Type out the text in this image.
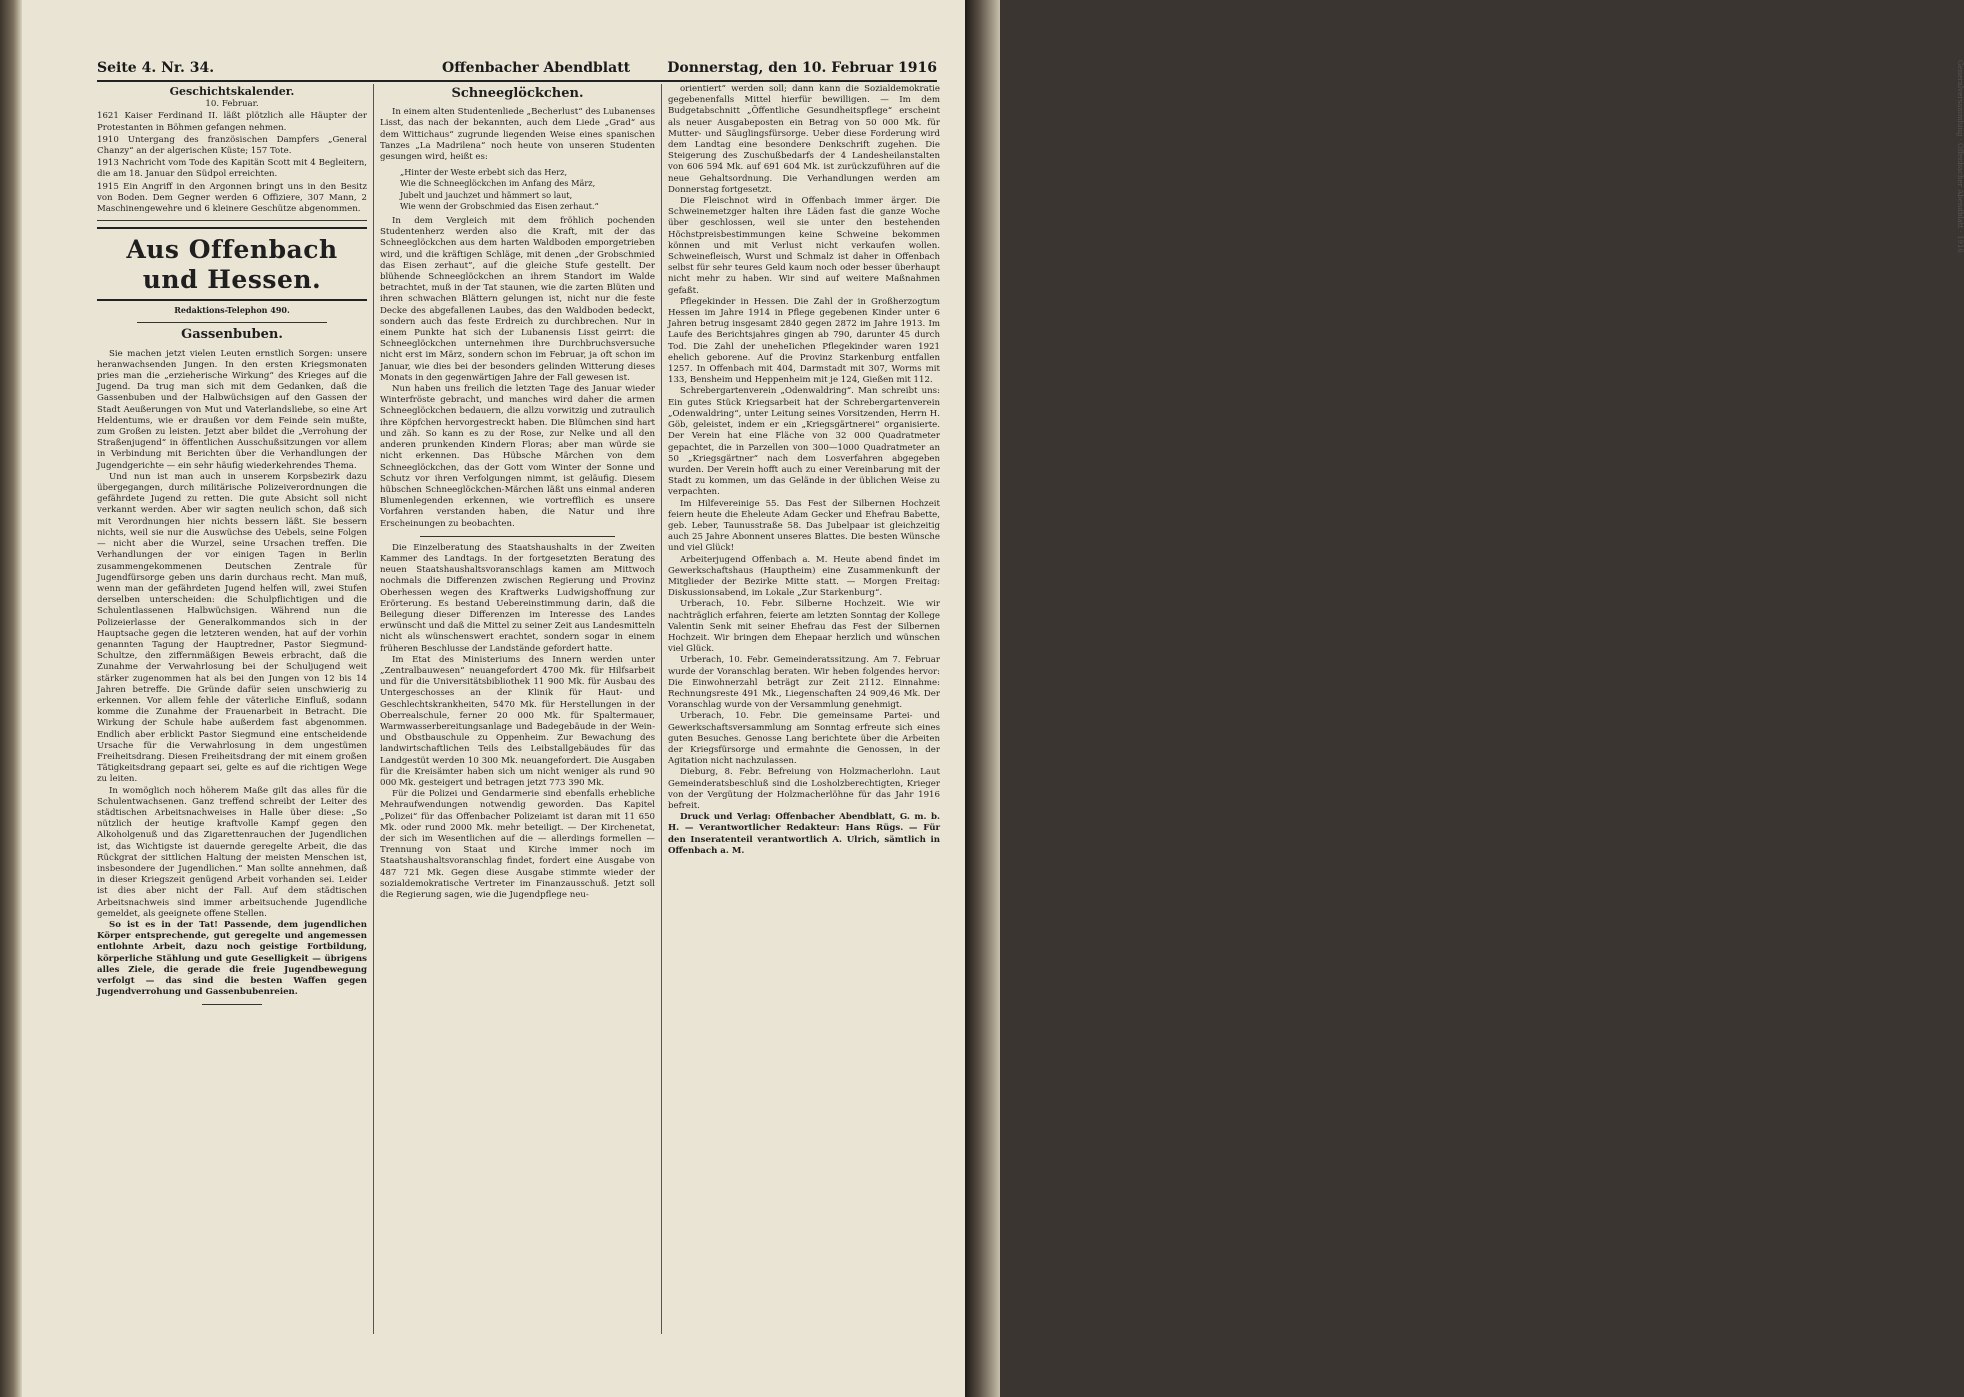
Seite 4. Nr. 34.	Offenbacher Abendblatt	Donnerstag, den 10. Februar 1916
Geschichtskalender.

10. Februar.

1621 Kaiser Ferdinand II. läßt plötzlich alle Häupter der Protestanten in Böhmen gefangen nehmen.

1910 Untergang des französischen Dampfers „General Chanzy“ an der algerischen Küste; 157 Tote.

1913 Nachricht vom Tode des Kapitän Scott mit 4 Begleitern, die am 18. Januar den Südpol erreichten.

1915 Ein Angriff in den Argonnen bringt uns in den Besitz von Boden. Dem Gegner werden 6 Offiziere, 307 Mann, 2 Maschinengewehre und 6 kleinere Geschütze abgenommen.

Aus Offenbach und Hessen.
Redaktions-Telephon 490.
Gassenbuben.

Sie machen jetzt vielen Leuten ernstlich Sorgen: unsere heranwachsenden Jungen. In den ersten Kriegsmonaten pries man die „erzieherische Wirkung“ des Krieges auf die Jugend. Da trug man sich mit dem Gedanken, daß die Gassenbuben und der Halbwüchsigen auf den Gassen der Stadt Aeußerungen von Mut und Vaterlandsliebe, so eine Art Heldentums, wie er draußen vor dem Feinde sein mußte, zum Großen zu leisten. Jetzt aber bildet die „Verrohung der Straßenjugend“ in öffentlichen Ausschußsitzungen vor allem in Verbindung mit Berichten über die Verhandlungen der Jugendgerichte — ein sehr häufig wiederkehrendes Thema.

Und nun ist man auch in unserem Korpsbezirk dazu übergegangen, durch militärische Polizeiverordnungen die gefährdete Jugend zu retten. Die gute Absicht soll nicht verkannt werden. Aber wir sagten neulich schon, daß sich mit Verordnungen hier nichts bessern läßt. Sie bessern nichts, weil sie nur die Auswüchse des Uebels, seine Folgen — nicht aber die Wurzel, seine Ursachen treffen. Die Verhandlungen der vor einigen Tagen in Berlin zusammengekommenen Deutschen Zentrale für Jugendfürsorge geben uns darin durchaus recht. Man muß, wenn man der gefährdeten Jugend helfen will, zwei Stufen derselben unterscheiden: die Schulpflichtigen und die Schulentlassenen Halbwüchsigen. Während nun die Polizeierlasse der Generalkommandos sich in der Hauptsache gegen die letzteren wenden, hat auf der vorhin genannten Tagung der Hauptredner, Pastor Siegmund-Schultze, den ziffernmäßigen Beweis erbracht, daß die Zunahme der Verwahrlosung bei der Schuljugend weit stärker zugenommen hat als bei den Jungen von 12 bis 14 Jahren betreffe. Die Gründe dafür seien unschwierig zu erkennen. Vor allem fehle der väterliche Einfluß, sodann komme die Zunahme der Frauenarbeit in Betracht. Die Wirkung der Schule habe außerdem fast abgenommen. Endlich aber erblickt Pastor Siegmund eine entscheidende Ursache für die Verwahrlosung in dem ungestümen Freiheitsdrang. Diesen Freiheitsdrang der mit einem großen Tätigkeitsdrang gepaart sei, gelte es auf die richtigen Wege zu leiten.

In womöglich noch höherem Maße gilt das alles für die Schulentwachsenen. Ganz treffend schreibt der Leiter des städtischen Arbeitsnachweises in Halle über diese: „So nützlich der heutige kraftvolle Kampf gegen den Alkoholgenuß und das Zigarettenrauchen der Jugendlichen ist, das Wichtigste ist dauernde geregelte Arbeit, die das Rückgrat der sittlichen Haltung der meisten Menschen ist, insbesondere der Jugendlichen.“ Man sollte annehmen, daß in dieser Kriegszeit genügend Arbeit vorhanden sei. Leider ist dies aber nicht der Fall. Auf dem städtischen Arbeitsnachweis sind immer arbeitsuchende Jugendliche gemeldet, als geeignete offene Stellen.

So ist es in der Tat! Passende, dem jugendlichen Körper entsprechende, gut geregelte und angemessen entlohnte Arbeit, dazu noch geistige Fortbildung, körperliche Stählung und gute Geselligkeit — übrigens alles Ziele, die gerade die freie Jugendbewegung verfolgt — das sind die besten Waffen gegen Jugendverrohung und Gassenbubenreien.

Schneeglöckchen.

In einem alten Studentenliede „Becherlust“ des Lubanenses Lisst, das nach der bekannten, auch dem Liede „Grad“ aus dem Wittichaus“ zugrunde liegenden Weise eines spanischen Tanzes „La Madrilena“ noch heute von unseren Studenten gesungen wird, heißt es:

„Hinter der Weste erbebt sich das Herz,
Wie die Schneeglöckchen im Anfang des März,
Jubelt und jauchzet und hämmert so laut,
Wie wenn der Grobschmied das Eisen zerhaut.“

In dem Vergleich mit dem fröhlich pochenden Studentenherz werden also die Kraft, mit der das Schneeglöckchen aus dem harten Waldboden emporgetrieben wird, und die kräftigen Schläge, mit denen „der Grobschmied das Eisen zerhaut“, auf die gleiche Stufe gestellt. Der blühende Schneeglöckchen an ihrem Standort im Walde betrachtet, muß in der Tat staunen, wie die zarten Blüten und ihren schwachen Blättern gelungen ist, nicht nur die feste Decke des abgefallenen Laubes, das den Waldboden bedeckt, sondern auch das feste Erdreich zu durchbrechen. Nur in einem Punkte hat sich der Lubanensis Lisst geirrt: die Schneeglöckchen unternehmen ihre Durchbruchsversuche nicht erst im März, sondern schon im Februar, ja oft schon im Januar, wie dies bei der besonders gelinden Witterung dieses Monats in den gegenwärtigen Jahre der Fall gewesen ist.

Nun haben uns freilich die letzten Tage des Januar wieder Winterfröste gebracht, und manches wird daher die armen Schneeglöckchen bedauern, die allzu vorwitzig und zutraulich ihre Köpfchen hervorgestreckt haben. Die Blümchen sind hart und zäh. So kann es zu der Rose, zur Nelke und all den anderen prunkenden Kindern Floras; aber man würde sie nicht erkennen. Das Hübsche Märchen von dem Schneeglöckchen, das der Gott vom Winter der Sonne und Schutz vor ihren Verfolgungen nimmt, ist geläufig. Diesem hübschen Schneeglöckchen-Märchen läßt uns einmal anderen Blumenlegenden erkennen, wie vortrefflich es unsere Vorfahren verstanden haben, die Natur und ihre Erscheinungen zu beobachten.

Die Einzelberatung des Staatshaushalts in der Zweiten Kammer des Landtags. In der fortgesetzten Beratung des neuen Staatshaushaltsvoranschlags kamen am Mittwoch nochmals die Differenzen zwischen Regierung und Provinz Oberhessen wegen des Kraftwerks Ludwigshoffnung zur Erörterung. Es bestand Uebereinstimmung darin, daß die Beilegung dieser Differenzen im Interesse des Landes erwünscht und daß die Mittel zu seiner Zeit aus Landesmitteln nicht als wünschenswert erachtet, sondern sogar in einem früheren Beschlusse der Landstände gefordert hatte.

Im Etat des Ministeriums des Innern werden unter „Zentralbauwesen“ neuangefordert 4700 Mk. für Hilfsarbeit und für die Universitätsbibliothek 11 900 Mk. für Ausbau des Untergeschosses an der Klinik für Haut- und Geschlechtskrankheiten, 5470 Mk. für Herstellungen in der Oberrealschule, ferner 20 000 Mk. für Spaltermauer, Warmwasserbereitungsanlage und Badegebäude in der Wein- und Obstbauschule zu Oppenheim. Zur Bewachung des landwirtschaftlichen Teils des Leibstallgebäudes für das Landgestüt werden 10 300 Mk. neuangefordert. Die Ausgaben für die Kreisämter haben sich um nicht weniger als rund 90 000 Mk. gesteigert und betragen jetzt 773 390 Mk.

Für die Polizei und Gendarmerie sind ebenfalls erhebliche Mehraufwendungen notwendig geworden. Das Kapitel „Polizei“ für das Offenbacher Polizeiamt ist daran mit 11 650 Mk. oder rund 2000 Mk. mehr beteiligt. — Der Kirchenetat, der sich im Wesentlichen auf die — allerdings formellen — Trennung von Staat und Kirche immer noch im Staatshaushaltsvoranschlag findet, fordert eine Ausgabe von 487 721 Mk. Gegen diese Ausgabe stimmte wieder der sozialdemokratische Vertreter im Finanzausschuß. Jetzt soll die Regierung sagen, wie die Jugendpflege neu-

orientiert“ werden soll; dann kann die Sozialdemokratie gegebenenfalls Mittel hierfür bewilligen. — Im dem Budgetabschnitt „Öffentliche Gesundheitspflege“ erscheint als neuer Ausgabeposten ein Betrag von 50 000 Mk. für Mutter- und Säuglingsfürsorge. Ueber diese Forderung wird dem Landtag eine besondere Denkschrift zugehen. Die Steigerung des Zuschußbedarfs der 4 Landesheilanstalten von 606 594 Mk. auf 691 604 Mk. ist zurückzuführen auf die neue Gehaltsordnung. Die Verhandlungen werden am Donnerstag fortgesetzt.

Die Fleischnot wird in Offenbach immer ärger. Die Schweinemetzger halten ihre Läden fast die ganze Woche über geschlossen, weil sie unter den bestehenden Höchstpreisbestimmungen keine Schweine bekommen können und mit Verlust nicht verkaufen wollen. Schweinefleisch, Wurst und Schmalz ist daher in Offenbach selbst für sehr teures Geld kaum noch oder besser überhaupt nicht mehr zu haben. Wir sind auf weitere Maßnahmen gefaßt.

Pflegekinder in Hessen. Die Zahl der in Großherzogtum Hessen im Jahre 1914 in Pflege gegebenen Kinder unter 6 Jahren betrug insgesamt 2840 gegen 2872 im Jahre 1913. Im Laufe des Berichtsjahres gingen ab 790, darunter 45 durch Tod. Die Zahl der uneheIichen Pflegekinder waren 1921 ehelich geborene. Auf die Provinz Starkenburg entfallen 1257. In Offenbach mit 404, Darmstadt mit 307, Worms mit 133, Bensheim und Heppenheim mit je 124, Gießen mit 112.

Schrebergartenverein „Odenwaldring“. Man schreibt uns: Ein gutes Stück Kriegsarbeit hat der Schrebergartenverein „Odenwaldring“, unter Leitung seines Vorsitzenden, Herrn H. Göb, geleistet, indem er ein „Kriegsgärtnerei“ organisierte. Der Verein hat eine Fläche von 32 000 Quadratmeter gepachtet, die in Parzellen von 300—1000 Quadratmeter an 50 „Kriegsgärtner“ nach dem Losverfahren abgegeben wurden. Der Verein hofft auch zu einer Vereinbarung mit der Stadt zu kommen, um das Gelände in der üblichen Weise zu verpachten.

Im Hilfevereinige 55. Das Fest der Silbernen Hochzeit feiern heute die Eheleute Adam Gecker und Ehefrau Babette, geb. Leber, Taunusstraße 58. Das Jubelpaar ist gleichzeitig auch 25 Jahre Abonnent unseres Blattes. Die besten Wünsche und viel Glück!

Arbeiterjugend Offenbach a. M. Heute abend findet im Gewerkschaftshaus (Hauptheim) eine Zusammenkunft der Mitglieder der Bezirke Mitte statt. — Morgen Freitag: Diskussionsabend, im Lokale „Zur Starkenburg“.

Urberach, 10. Febr. Silberne Hochzeit. Wie wir nachträglich erfahren, feierte am letzten Sonntag der Kollege Valentin Senk mit seiner Ehefrau das Fest der Silbernen Hochzeit. Wir bringen dem Ehepaar herzlich und wünschen viel Glück.

Urberach, 10. Febr. Gemeinderatssitzung. Am 7. Februar wurde der Voranschlag beraten. Wir heben folgendes hervor: Die Einwohnerzahl beträgt zur Zeit 2112. Einnahme: Rechnungsreste 491 Mk., Liegenschaften 24 909,46 Mk. Der Voranschlag wurde von der Versammlung genehmigt.

Urberach, 10. Febr. Die gemeinsame Partei- und Gewerkschaftsversammlung am Sonntag erfreute sich eines guten Besuches. Genosse Lang berichtete über die Arbeiten der Kriegsfürsorge und ermahnte die Genossen, in der Agitation nicht nachzulassen.

Dieburg, 8. Febr. Befreiung von Holzmacherlohn. Laut Gemeinderatsbeschluß sind die Losholzberechtigten, Krieger von der Vergütung der Holzmacherlöhne für das Jahr 1916 befreit.

Druck und Verlag: Offenbacher Abendblatt, G. m. b. H. — Verantwortlicher Redakteur: Hans Rügs. — Für den Inseratenteil verantwortlich A. Ulrich, sämtlich in Offenbach a. M.

Generalversammlung · Offenbacher Abendblatt · 1916
